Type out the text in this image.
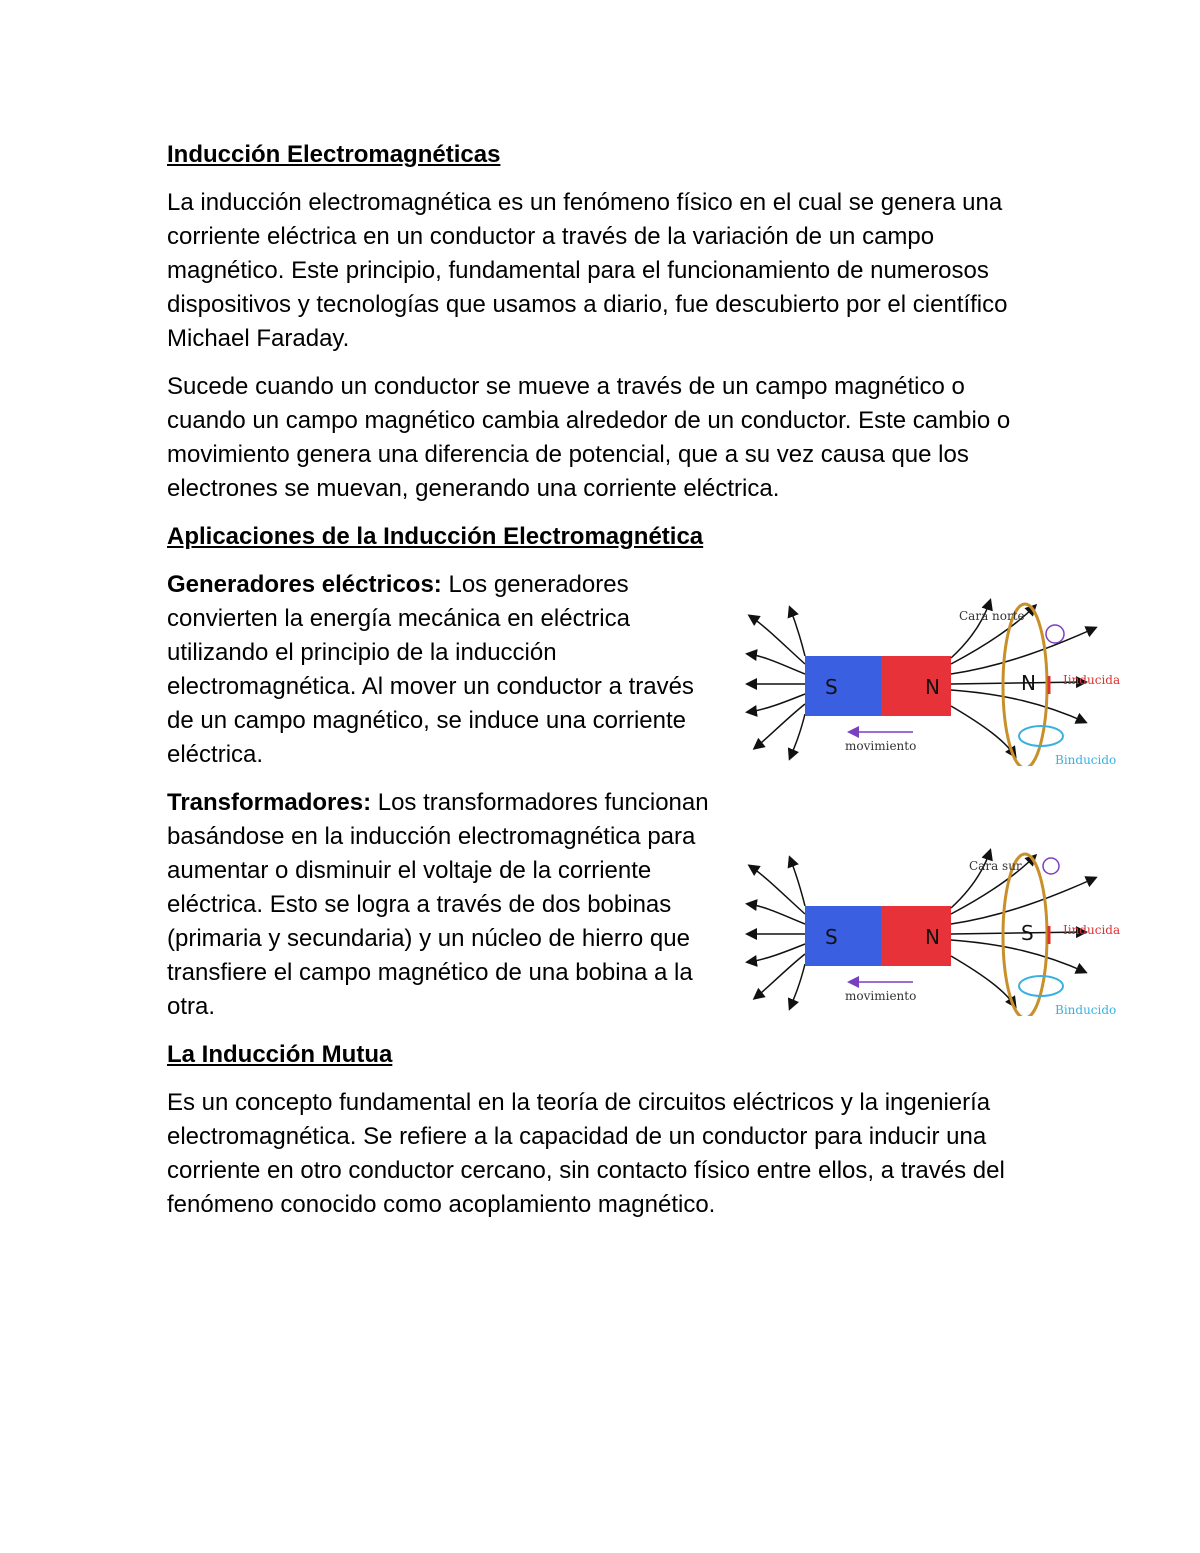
Inducción Electromagnéticas

La inducción electromagnética es un fenómeno físico en el cual se genera una corriente eléctrica en un conductor a través de la variación de un campo magnético. Este principio, fundamental para el funcionamiento de numerosos dispositivos y tecnologías que usamos a diario, fue descubierto por el científico Michael Faraday.

Sucede cuando un conductor se mueve a través de un campo magnético o cuando un campo magnético cambia alrededor de un conductor. Este cambio o movimiento genera una diferencia de potencial, que a su vez causa que los electrones se muevan, generando una corriente eléctrica.

Aplicaciones de la Inducción Electromagnética

Generadores eléctricos: Los generadores convierten la energía mecánica en eléctrica utilizando el principio de la inducción electromagnética. Al mover un conductor a través de un campo magnético, se induce una corriente eléctrica.

S	N	N Iinducida
Binducido
Cara norte
movimiento

Transformadores: Los transformadores funcionan basándose en la inducción electromagnética para aumentar o disminuir el voltaje de la corriente eléctrica. Esto se logra a través de dos bobinas (primaria y secundaria) y un núcleo de hierro que transfiere el campo magnético de una bobina a la otra.

S	N	S Iinducida
Binducido
Cara sur
movimiento
La Inducción Mutua

Es un concepto fundamental en la teoría de circuitos eléctricos y la ingeniería electromagnética. Se refiere a la capacidad de un conductor para inducir una corriente en otro conductor cercano, sin contacto físico entre ellos, a través del fenómeno conocido como acoplamiento magnético.
